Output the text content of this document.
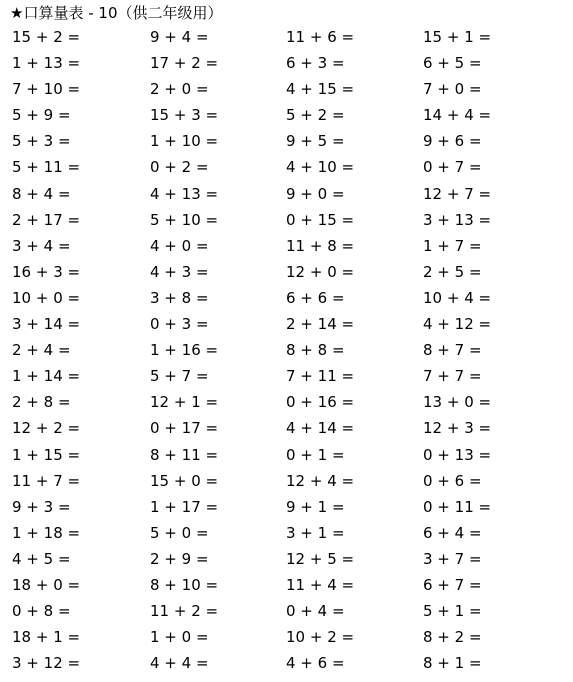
★口算量表 - 10（供二年级用）
15 + 2 =	9 + 4 =	11 + 6 =	15 + 1 =
1 + 13 =	17 + 2 =	6 + 3 =	6 + 5 =
7 + 10 =	2 + 0 =	4 + 15 =	7 + 0 =
5 + 9 =	15 + 3 =	5 + 2 =	14 + 4 =
5 + 3 =	1 + 10 =	9 + 5 =	9 + 6 =
5 + 11 =	0 + 2 =	4 + 10 =	0 + 7 =
8 + 4 =	4 + 13 =	9 + 0 =	12 + 7 =
2 + 17 =	5 + 10 =	0 + 15 =	3 + 13 =
3 + 4 =	4 + 0 =	11 + 8 =	1 + 7 =
16 + 3 =	4 + 3 =	12 + 0 =	2 + 5 =
10 + 0 =	3 + 8 =	6 + 6 =	10 + 4 =
3 + 14 =	0 + 3 =	2 + 14 =	4 + 12 =
2 + 4 =	1 + 16 =	8 + 8 =	8 + 7 =
1 + 14 =	5 + 7 =	7 + 11 =	7 + 7 =
2 + 8 =	12 + 1 =	0 + 16 =	13 + 0 =
12 + 2 =	0 + 17 =	4 + 14 =	12 + 3 =
1 + 15 =	8 + 11 =	0 + 1 =	0 + 13 =
11 + 7 =	15 + 0 =	12 + 4 =	0 + 6 =
9 + 3 =	1 + 17 =	9 + 1 =	0 + 11 =
1 + 18 =	5 + 0 =	3 + 1 =	6 + 4 =
4 + 5 =	2 + 9 =	12 + 5 =	3 + 7 =
18 + 0 =	8 + 10 =	11 + 4 =	6 + 7 =
0 + 8 =	11 + 2 =	0 + 4 =	5 + 1 =
18 + 1 =	1 + 0 =	10 + 2 =	8 + 2 =
3 + 12 =	4 + 4 =	4 + 6 =	8 + 1 =
